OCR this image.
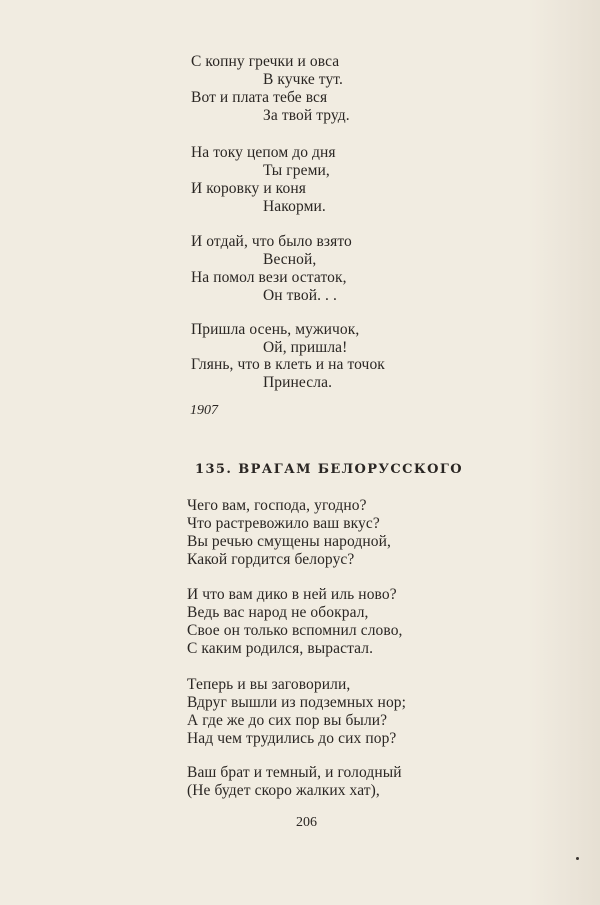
С копну гречки и овса
В кучке тут.
Вот и плата тебе вся
За твой труд.
На току цепом до дня
Ты греми,
И коровку и коня
Накорми.
И отдай, что было взято
Весной,
На помол вези остаток,
Он твой. . .
Пришла осень, мужичок,
Ой, пришла!
Глянь, что в клеть и на точок
Принесла.
1907
135. ВРАГАМ БЕЛОРУССКОГО
Чего вам, господа, угодно?
Что растревожило ваш вкус?
Вы речью смущены народной,
Какой гордится белорус?
И что вам дико в ней иль ново?
Ведь вас народ не обокрал,
Свое он только вспомнил слово,
С каким родился, вырастал.
Теперь и вы заговорили,
Вдруг вышли из подземных нор;
А где же до сих пор вы были?
Над чем трудились до сих пор?
Ваш брат и темный, и голодный
(Не будет скоро жалких хат),
206
